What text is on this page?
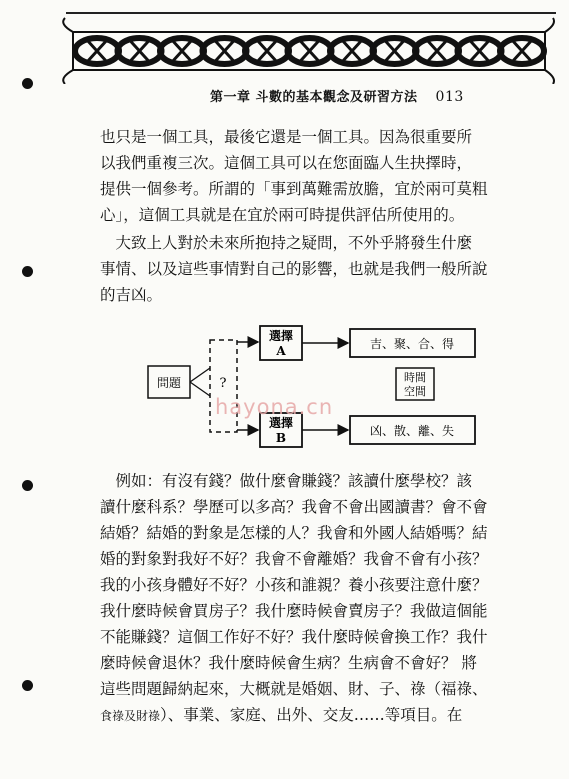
第一章 斗數的基本觀念及研習方法 013

也只是一個工具，最後它還是一個工具。因為很重要所
以我們重複三次。這個工具可以在您面臨人生抉擇時，
提供一個參考。所謂的「事到萬難需放膽，宜於兩可莫粗
心」，這個工具就是在宜於兩可時提供評估所使用的。

　大致上人對於未來所抱持之疑問，不外乎將發生什麼
事情、以及這些事情對自己的影響，也就是我們一般所說
的吉凶。

問題	?
選擇
A
選擇
B
吉、聚、合、得
凶、散、離、失
時間
空間
hayona.cn

　例如：有沒有錢？做什麼會賺錢？該讀什麼學校？該
讀什麼科系？學歷可以多高？我會不會出國讀書？會不會
結婚？結婚的對象是怎樣的人？我會和外國人結婚嗎？結
婚的對象對我好不好？我會不會離婚？我會不會有小孩？
我的小孩身體好不好？小孩和誰親？養小孩要注意什麼？
我什麼時候會買房子？我什麼時候會賣房子？我做這個能
不能賺錢？這個工作好不好？我什麼時候會換工作？我什
麼時候會退休？我什麼時候會生病？生病會不會好？ 將
這些問題歸納起來，大概就是婚姻、財、子、祿（福祿、
食祿及財祿）、事業、家庭、出外、交友……等項目。在
